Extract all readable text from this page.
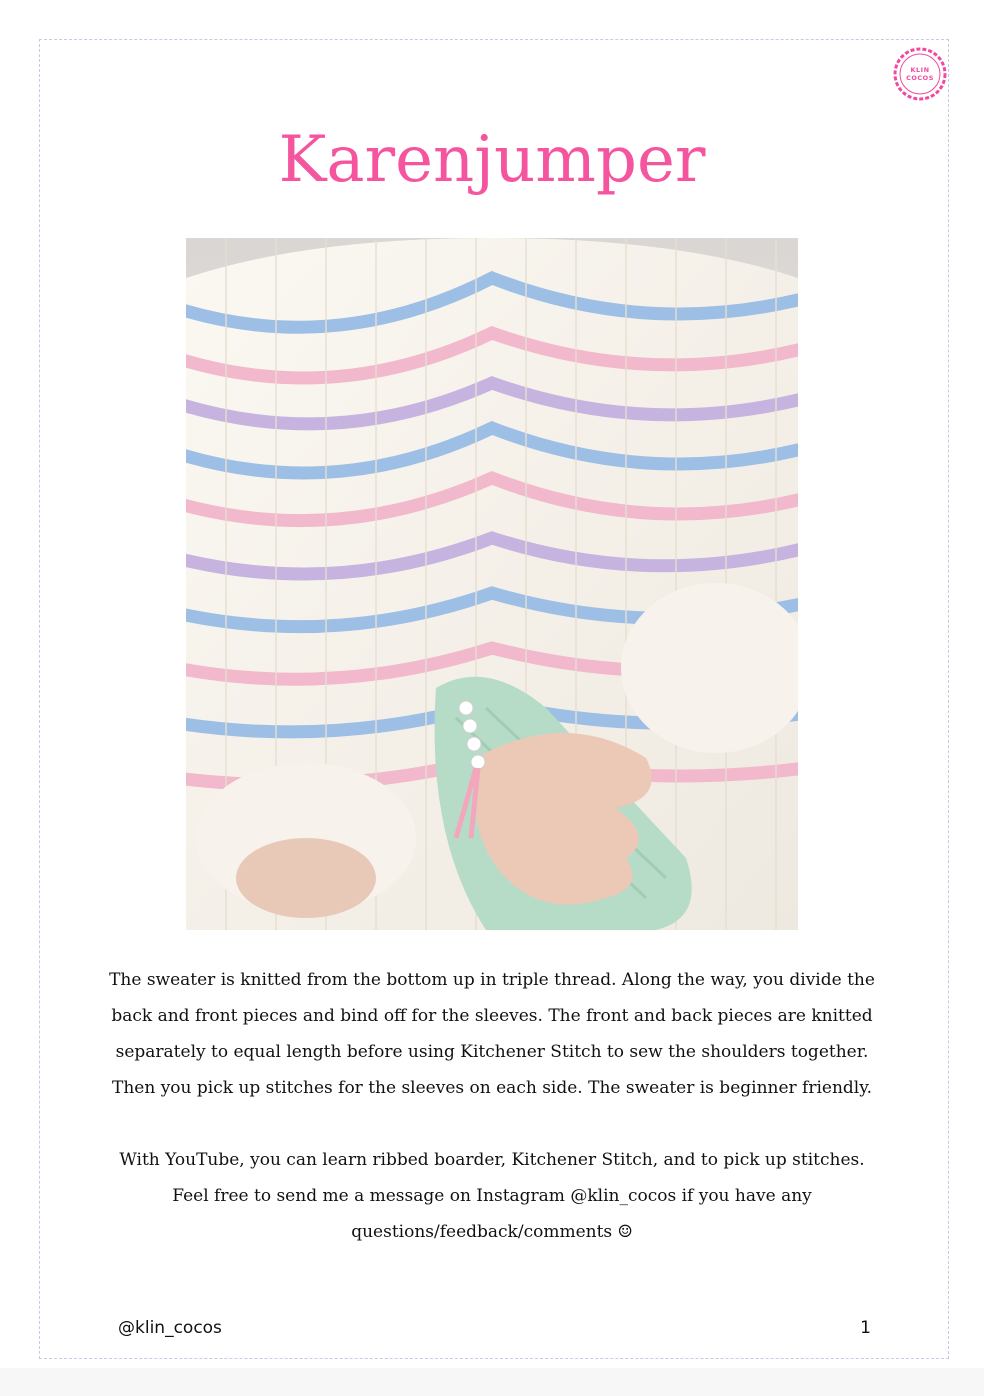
KLIN
COCOS
Karenjumper

The sweater is knitted from the bottom up in triple thread. Along the way, you divide the back and front pieces and bind off for the sleeves. The front and back pieces are knitted separately to equal length before using Kitchener Stitch to sew the shoulders together. Then you pick up stitches for the sleeves on each side. The sweater is beginner friendly.

With YouTube, you can learn ribbed boarder, Kitchener Stitch, and to pick up stitches. Feel free to send me a message on Instagram @klin_cocos if you have any questions/feedback/comments ☺

@klin_cocos	1
